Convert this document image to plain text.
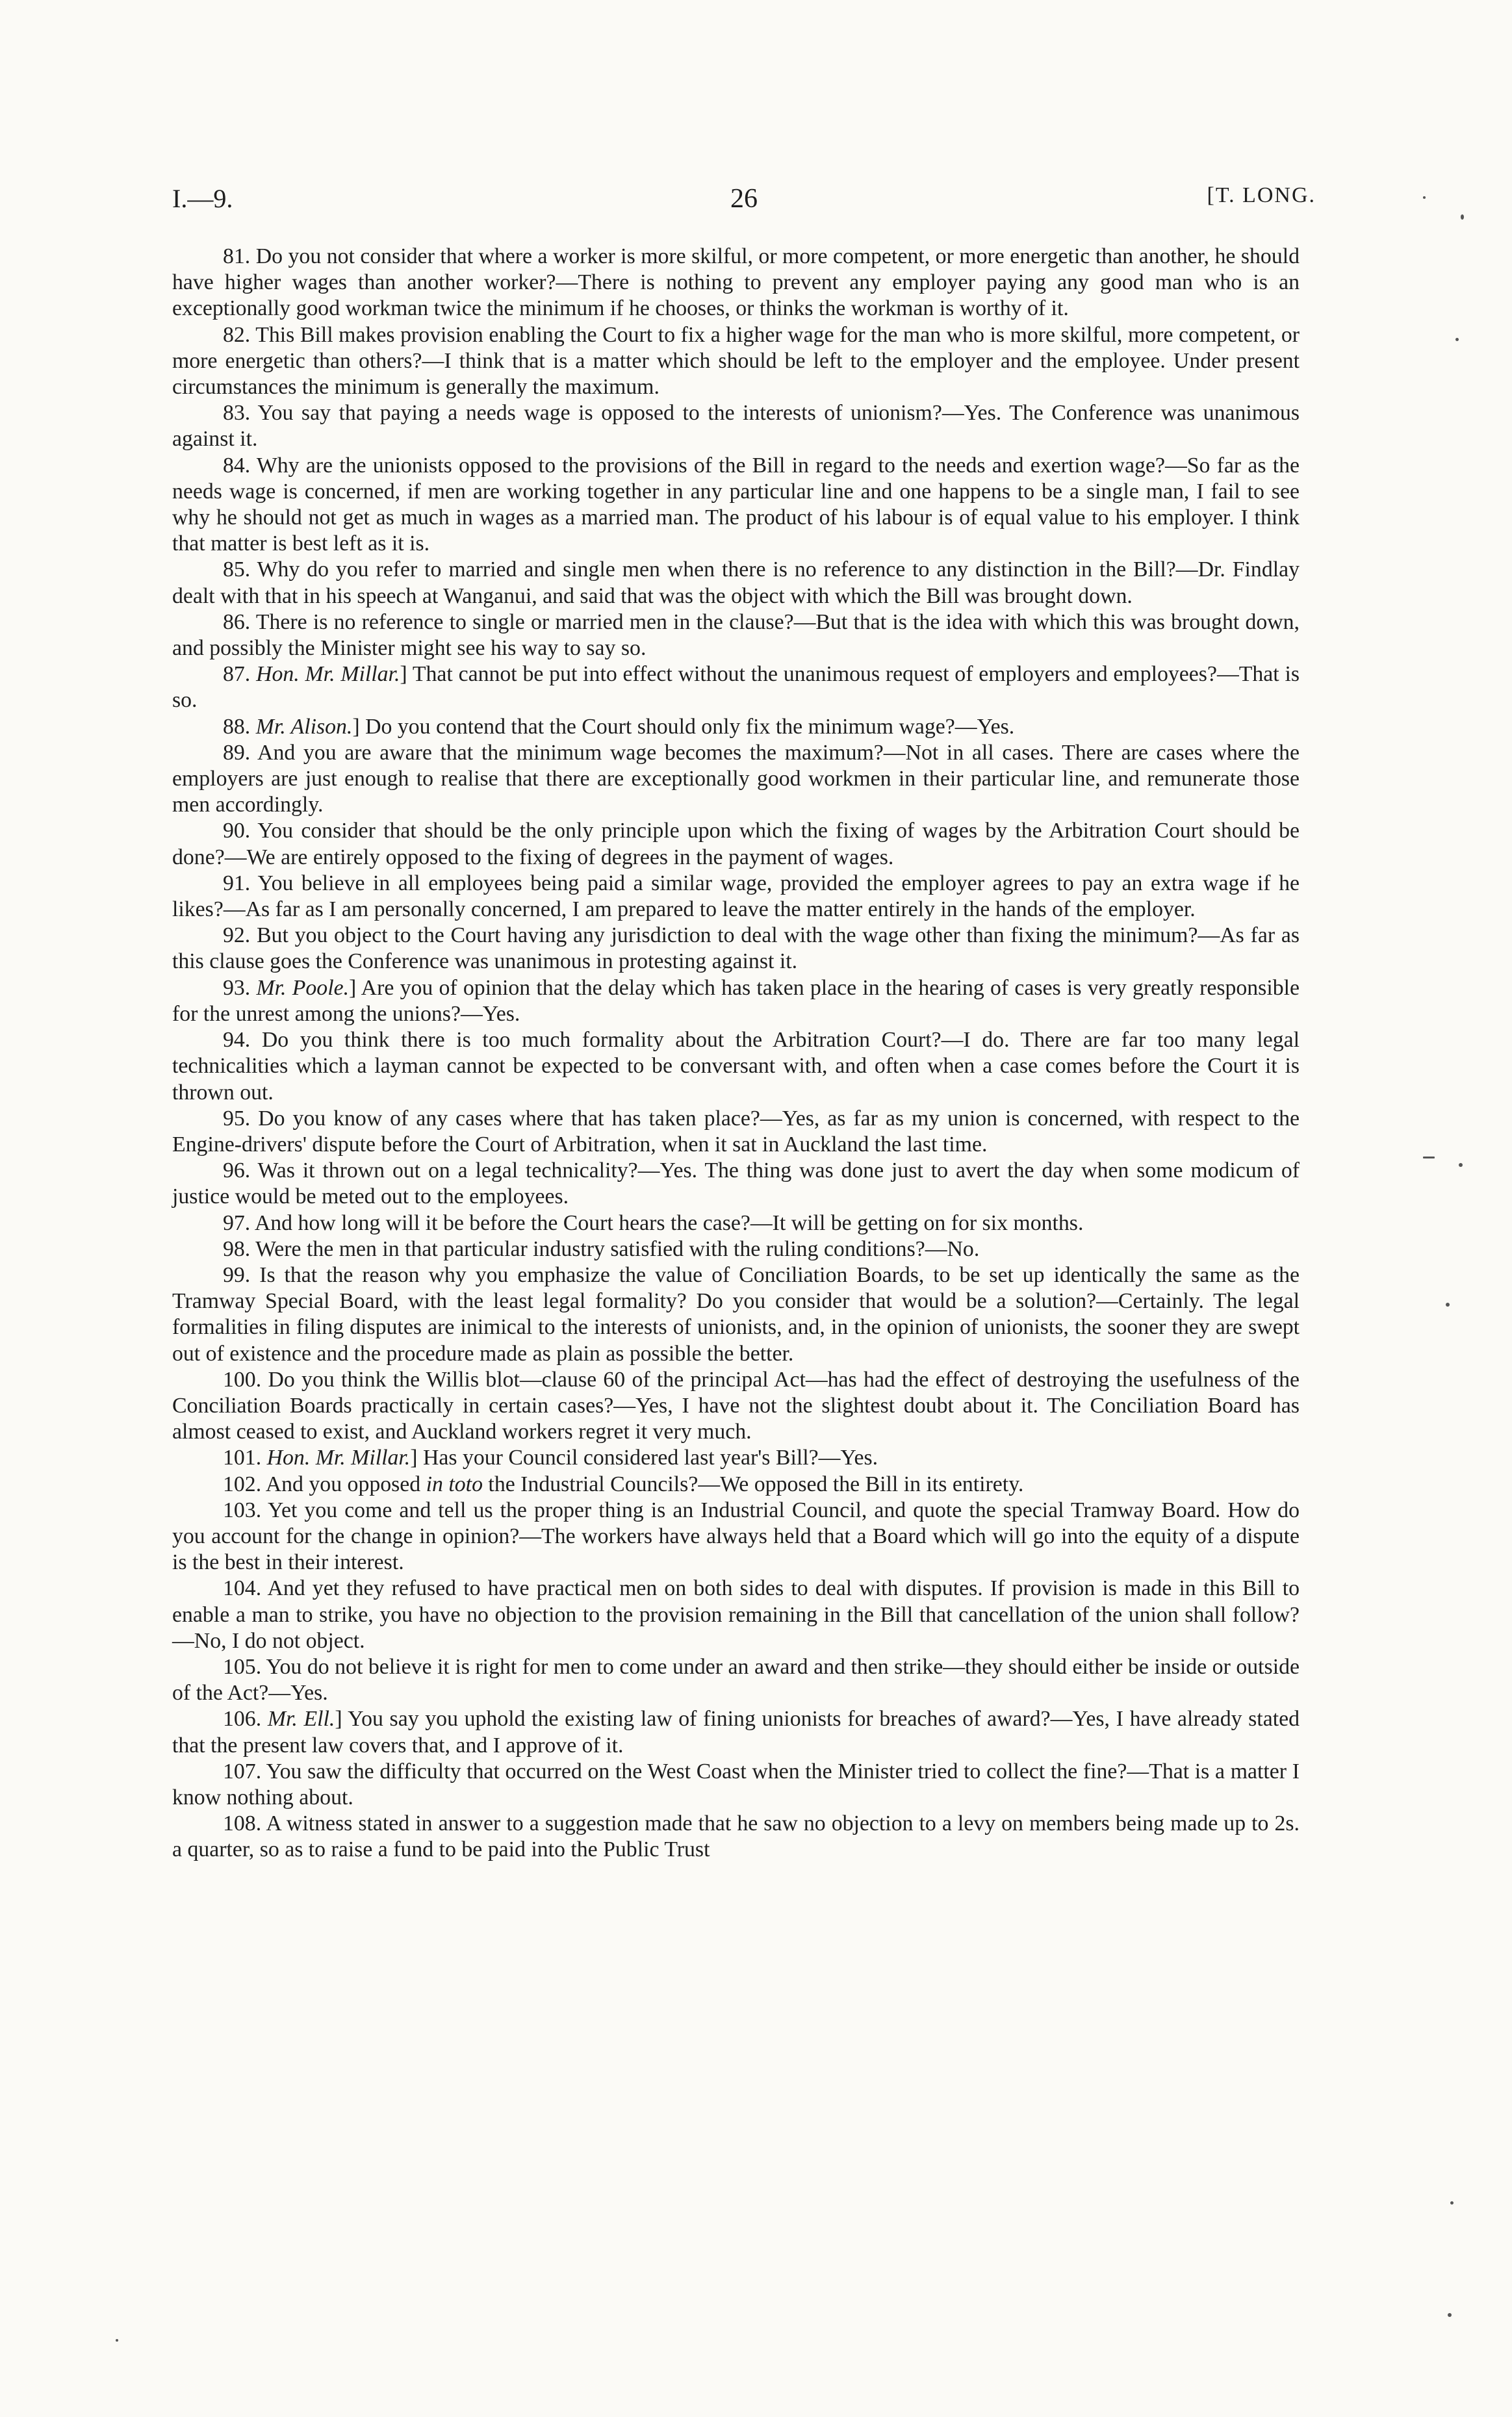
I.—9.	26	[T. LONG.

81. Do you not consider that where a worker is more skilful, or more competent, or more energetic than another, he should have higher wages than another worker?—There is nothing to prevent any employer paying any good man who is an exceptionally good workman twice the minimum if he chooses, or thinks the workman is worthy of it.

82. This Bill makes provision enabling the Court to fix a higher wage for the man who is more skilful, more competent, or more energetic than others?—I think that is a matter which should be left to the employer and the employee. Under present circumstances the minimum is generally the maximum.

83. You say that paying a needs wage is opposed to the interests of unionism?—Yes. The Conference was unanimous against it.

84. Why are the unionists opposed to the provisions of the Bill in regard to the needs and exertion wage?—So far as the needs wage is concerned, if men are working together in any particular line and one happens to be a single man, I fail to see why he should not get as much in wages as a married man. The product of his labour is of equal value to his employer. I think that matter is best left as it is.

85. Why do you refer to married and single men when there is no reference to any distinction in the Bill?—Dr. Findlay dealt with that in his speech at Wanganui, and said that was the object with which the Bill was brought down.

86. There is no reference to single or married men in the clause?—But that is the idea with which this was brought down, and possibly the Minister might see his way to say so.

87. Hon. Mr. Millar.] That cannot be put into effect without the unanimous request of employers and employees?—That is so.

88. Mr. Alison.] Do you contend that the Court should only fix the minimum wage?—Yes.

89. And you are aware that the minimum wage becomes the maximum?—Not in all cases. There are cases where the employers are just enough to realise that there are exceptionally good workmen in their particular line, and remunerate those men accordingly.

90. You consider that should be the only principle upon which the fixing of wages by the Arbitration Court should be done?—We are entirely opposed to the fixing of degrees in the payment of wages.

91. You believe in all employees being paid a similar wage, provided the employer agrees to pay an extra wage if he likes?—As far as I am personally concerned, I am prepared to leave the matter entirely in the hands of the employer.

92. But you object to the Court having any jurisdiction to deal with the wage other than fixing the minimum?—As far as this clause goes the Conference was unanimous in protesting against it.

93. Mr. Poole.] Are you of opinion that the delay which has taken place in the hearing of cases is very greatly responsible for the unrest among the unions?—Yes.

94. Do you think there is too much formality about the Arbitration Court?—I do. There are far too many legal technicalities which a layman cannot be expected to be conversant with, and often when a case comes before the Court it is thrown out.

95. Do you know of any cases where that has taken place?—Yes, as far as my union is concerned, with respect to the Engine-drivers' dispute before the Court of Arbitration, when it sat in Auckland the last time.

96. Was it thrown out on a legal technicality?—Yes. The thing was done just to avert the day when some modicum of justice would be meted out to the employees.

97. And how long will it be before the Court hears the case?—It will be getting on for six months.

98. Were the men in that particular industry satisfied with the ruling conditions?—No.

99. Is that the reason why you emphasize the value of Conciliation Boards, to be set up identically the same as the Tramway Special Board, with the least legal formality? Do you consider that would be a solution?—Certainly. The legal formalities in filing disputes are inimical to the interests of unionists, and, in the opinion of unionists, the sooner they are swept out of existence and the procedure made as plain as possible the better.

100. Do you think the Willis blot—clause 60 of the principal Act—has had the effect of destroying the usefulness of the Conciliation Boards practically in certain cases?—Yes, I have not the slightest doubt about it. The Conciliation Board has almost ceased to exist, and Auckland workers regret it very much.

101. Hon. Mr. Millar.] Has your Council considered last year's Bill?—Yes.

102. And you opposed in toto the Industrial Councils?—We opposed the Bill in its entirety.

103. Yet you come and tell us the proper thing is an Industrial Council, and quote the special Tramway Board. How do you account for the change in opinion?—The workers have always held that a Board which will go into the equity of a dispute is the best in their interest.

104. And yet they refused to have practical men on both sides to deal with disputes. If provision is made in this Bill to enable a man to strike, you have no objection to the provision remaining in the Bill that cancellation of the union shall follow?—No, I do not object.

105. You do not believe it is right for men to come under an award and then strike—they should either be inside or outside of the Act?—Yes.

106. Mr. Ell.] You say you uphold the existing law of fining unionists for breaches of award?—Yes, I have already stated that the present law covers that, and I approve of it.

107. You saw the difficulty that occurred on the West Coast when the Minister tried to collect the fine?—That is a matter I know nothing about.

108. A witness stated in answer to a suggestion made that he saw no objection to a levy on members being made up to 2s. a quarter, so as to raise a fund to be paid into the Public Trust
